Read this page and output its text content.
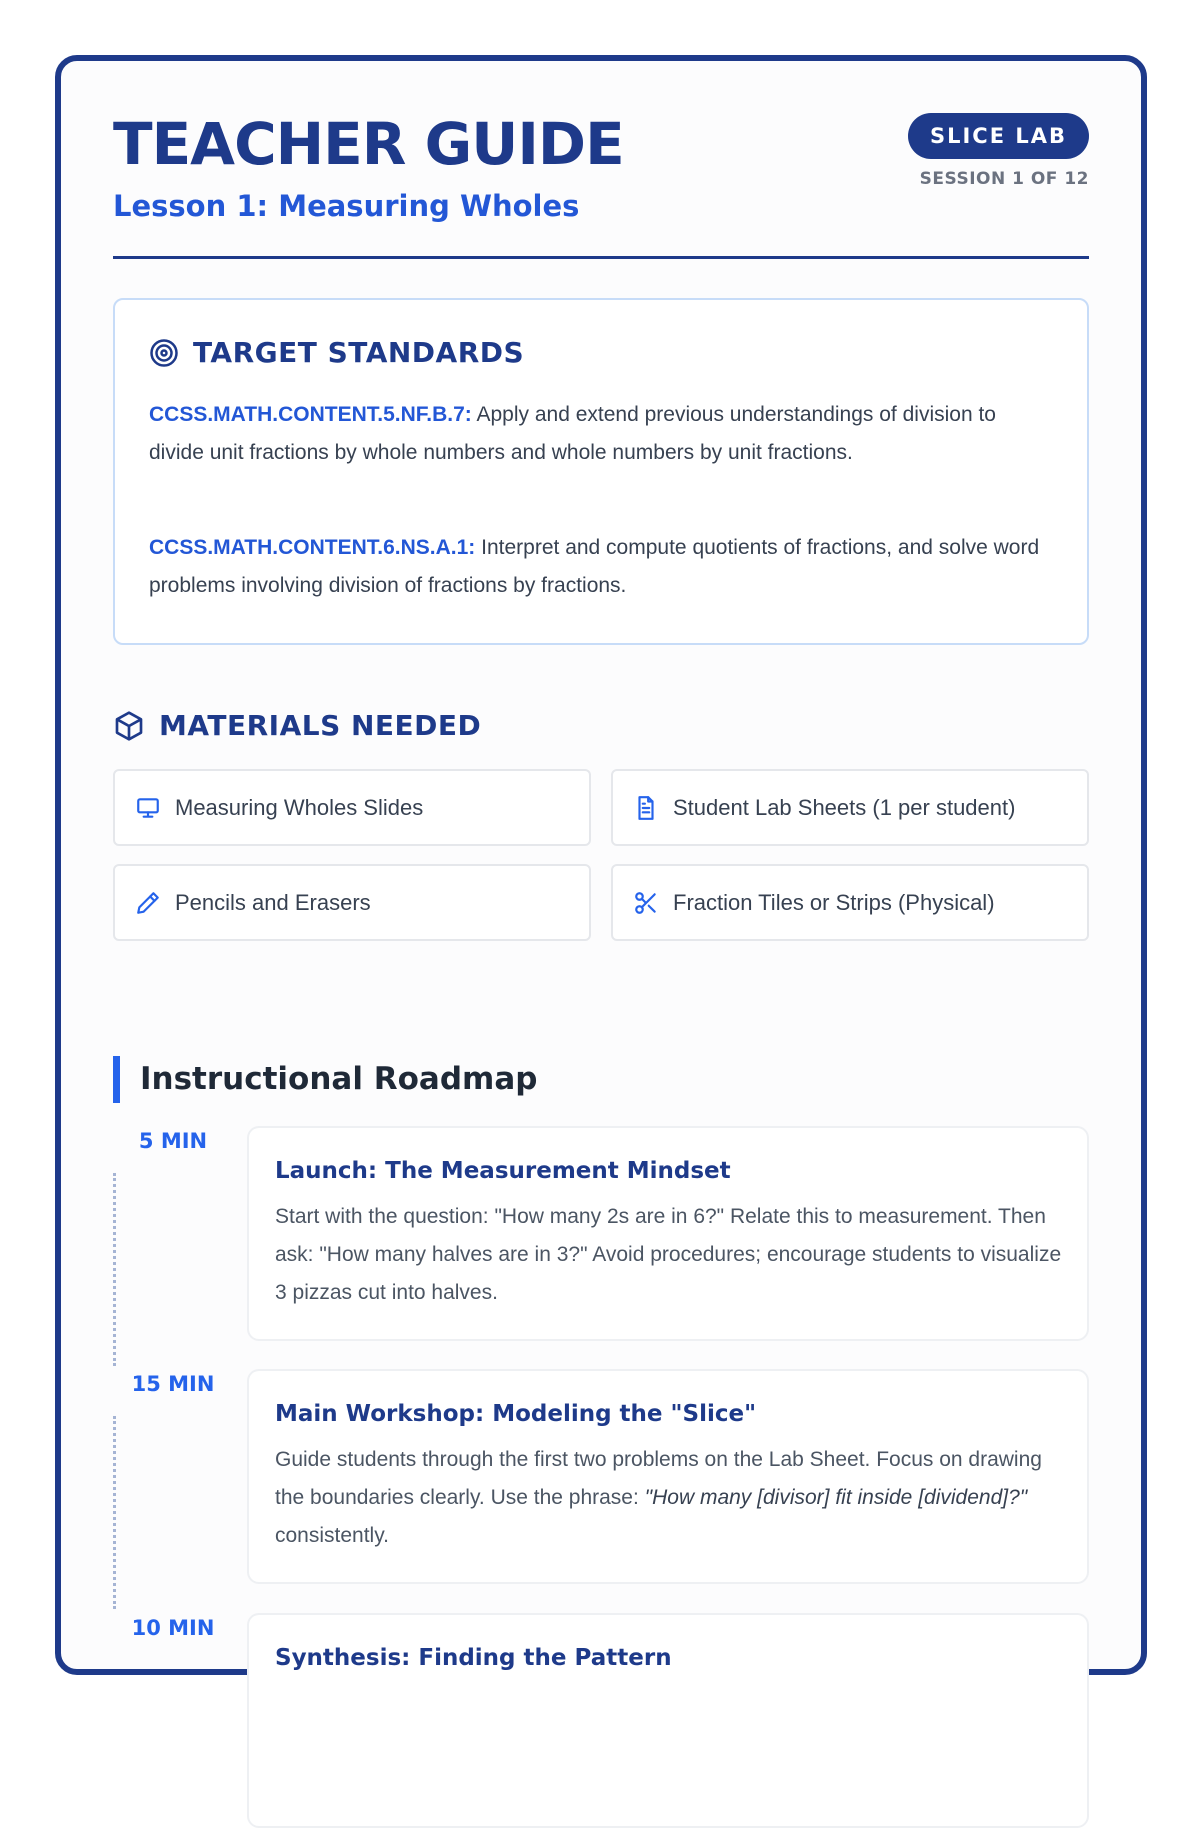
TEACHER GUIDE
Lesson 1: Measuring Wholes
SLICE LAB
SESSION 1 OF 12
TARGET STANDARDS
CCSS.MATH.CONTENT.5.NF.B.7: Apply and extend previous understandings of division to divide unit fractions by whole numbers and whole numbers by unit fractions.
CCSS.MATH.CONTENT.6.NS.A.1: Interpret and compute quotients of fractions, and solve word problems involving division of fractions by fractions.
MATERIALS NEEDED
Measuring Wholes Slides	Student Lab Sheets (1 per student)
Pencils and Erasers	Fraction Tiles or Strips (Physical)
Instructional Roadmap
5 MIN
Launch: The Measurement Mindset
Start with the question: "How many 2s are in 6?" Relate this to measurement. Then ask: "How many halves are in 3?" Avoid procedures; encourage students to visualize 3 pizzas cut into halves.
15 MIN
Main Workshop: Modeling the "Slice"
Guide students through the first two problems on the Lab Sheet. Focus on drawing the boundaries clearly. Use the phrase: "How many [divisor] fit inside [dividend]?" consistently.
10 MIN
Synthesis: Finding the Pattern
